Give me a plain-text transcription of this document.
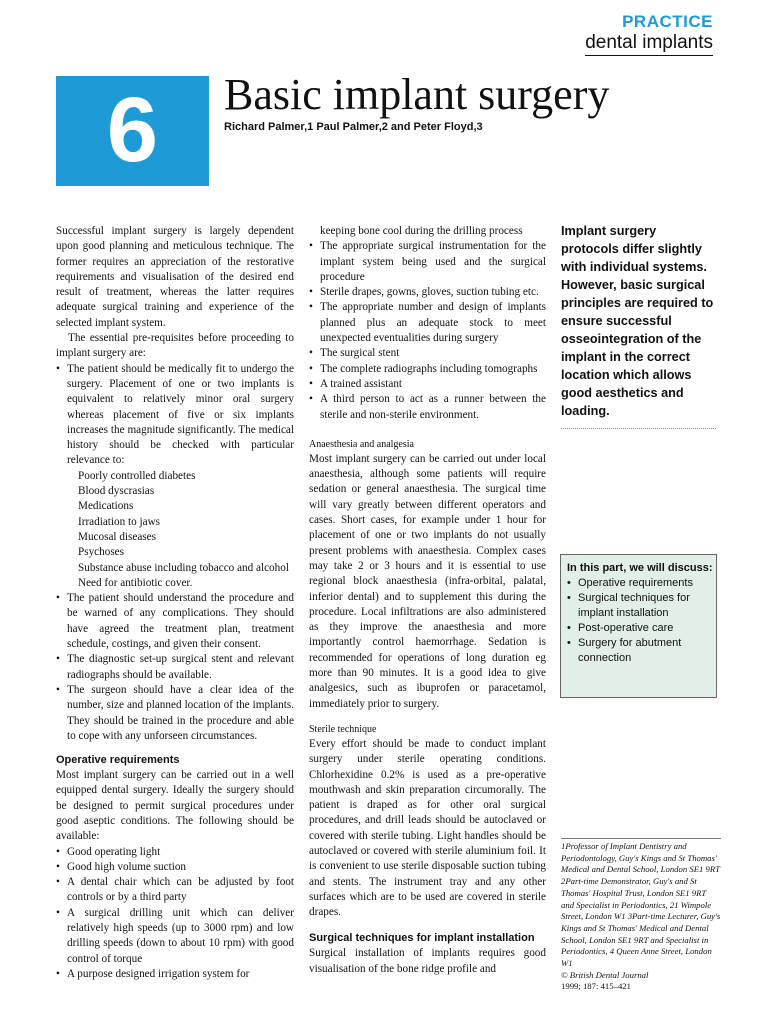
PRACTICE
dental implants
6	Basic implant surgery
Richard Palmer,1 Paul Palmer,2 and Peter Floyd,3

Successful implant surgery is largely dependent upon good planning and meticulous technique. The former requires an appreciation of the restorative requirements and visualisation of the desired end result of treatment, whereas the latter requires adequate surgical training and experience of the selected implant system.

The essential pre-requisites before proceeding to implant surgery are:

• The patient should be medically fit to undergo the surgery. Placement of one or two implants is equivalent to relatively minor oral surgery whereas placement of five or six implants increases the magnitude significantly. The medical history should be checked with particular relevance to:
Poorly controlled diabetes
Blood dyscrasias
Medications
Irradiation to jaws
Mucosal diseases
Psychoses
Substance abuse including tobacco and alcohol
Need for antibiotic cover.
• The patient should understand the procedure and be warned of any complications. They should have agreed the treatment plan, treatment schedule, costings, and given their consent.
• The diagnostic set-up surgical stent and relevant radiographs should be available.
• The surgeon should have a clear idea of the number, size and planned location of the implants. They should be trained in the procedure and able to cope with any unforseen circumstances.
Operative requirements

Most implant surgery can be carried out in a well equipped dental surgery. Ideally the surgery should be designed to permit surgical procedures under good aseptic conditions. The following should be available:

• Good operating light
• Good high volume suction
• A dental chair which can be adjusted by foot controls or by a third party
• A surgical drilling unit which can deliver relatively high speeds (up to 3000 rpm) and low drilling speeds (down to about 10 rpm) with good control of torque
• A purpose designed irrigation system for

keeping bone cool during the drilling process

• The appropriate surgical instrumentation for the implant system being used and the surgical procedure
• Sterile drapes, gowns, gloves, suction tubing etc.
• The appropriate number and design of implants planned plus an adequate stock to meet unexpected eventualities during surgery
• The surgical stent
• The complete radiographs including tomographs
• A trained assistant
• A third person to act as a runner between the sterile and non-sterile environment.
Anaesthesia and analgesia

Most implant surgery can be carried out under local anaesthesia, although some patients will require sedation or general anaesthesia. The surgical time will vary greatly between different operators and cases. Short cases, for example under 1 hour for placement of one or two implants do not usually present problems with anaesthesia. Complex cases may take 2 or 3 hours and it is essential to use regional block anaesthesia (infra-orbital, palatal, inferior dental) and to supplement this during the procedure. Local infiltrations are also administered as they improve the anaesthesia and more importantly control haemorrhage. Sedation is recommended for operations of long duration eg more than 90 minutes. It is a good idea to give analgesics, such as ibuprofen or paracetamol, immediately prior to surgery.

Sterile technique

Every effort should be made to conduct implant surgery under sterile operating conditions. Chlorhexidine 0.2% is used as a pre-operative mouthwash and skin preparation circumorally. The patient is draped as for other oral surgical procedures, and drill leads should be autoclaved or covered with sterile tubing. Light handles should be autoclaved or covered with sterile aluminium foil. It is convenient to use sterile disposable suction tubing and stents. The instrument tray and any other surfaces which are to be used are covered in sterile drapes.

Surgical techniques for implant installation

Surgical installation of implants requires good visualisation of the bone ridge profile and

Implant surgery protocols differ slightly with individual systems. However, basic surgical principles are required to ensure successful osseointegration of the implant in the correct location which allows good aesthetics and loading.
In this part, we will discuss:
• Operative requirements
• Surgical techniques for implant installation
• Post-operative care
• Surgery for abutment connection
1Professor of Implant Dentistry and Periodontology, Guy's Kings and St Thomas' Medical and Dental School, London SE1 9RT 2Part-time Demonstrator, Guy's and St Thomas' Hospital Trust, London SE1 9RT and Specialist in Periodontics, 21 Wimpole Street, London W1 3Part-time Lecturer, Guy's Kings and St Thomas' Medical and Dental School, London SE1 9RT and Specialist in Periodontics, 4 Queen Anne Street, London W1
© British Dental Journal
1999; 187: 415–421
